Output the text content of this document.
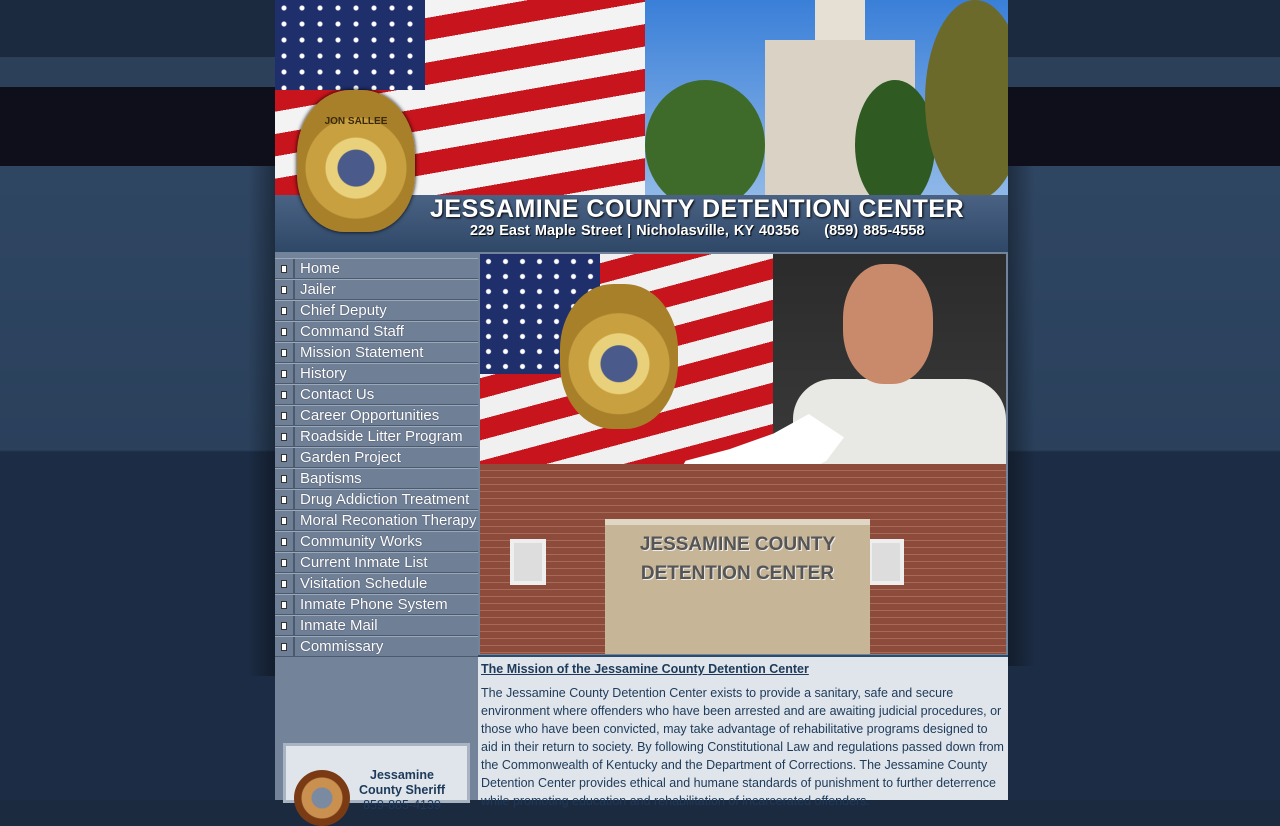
JON SALLEE
JESSAMINE COUNTY DETENTION CENTER
229 East Maple Street | Nicholasville, KY 40356     (859) 885-4558
Home
Jailer
Chief Deputy
Command Staff
Mission Statement
History
Contact Us
Career Opportunities
Roadside Litter Program
Garden Project
Baptisms
Drug Addiction Treatment
Moral Reconation Therapy
Community Works
Current Inmate List
Visitation Schedule
Inmate Phone System
Inmate Mail
Commissary
JESSAMINE COUNTY
DETENTION CENTER
The Mission of the Jessamine County Detention Center

The Jessamine County Detention Center exists to provide a sanitary, safe and secure environment where offenders who have been arrested and are awaiting judicial procedures, or those who have been convicted, may take advantage of rehabilitative programs designed to aid in their return to society. By following Constitutional Law and regulations passed down from the Commonwealth of Kentucky and the Department of Corrections. The Jessamine County Detention Center provides ethical and humane standards of punishment to further deterrence while promoting education and rehabilitation of incarcerated offenders.

Jessamine
County Sheriff
859-885-4139
